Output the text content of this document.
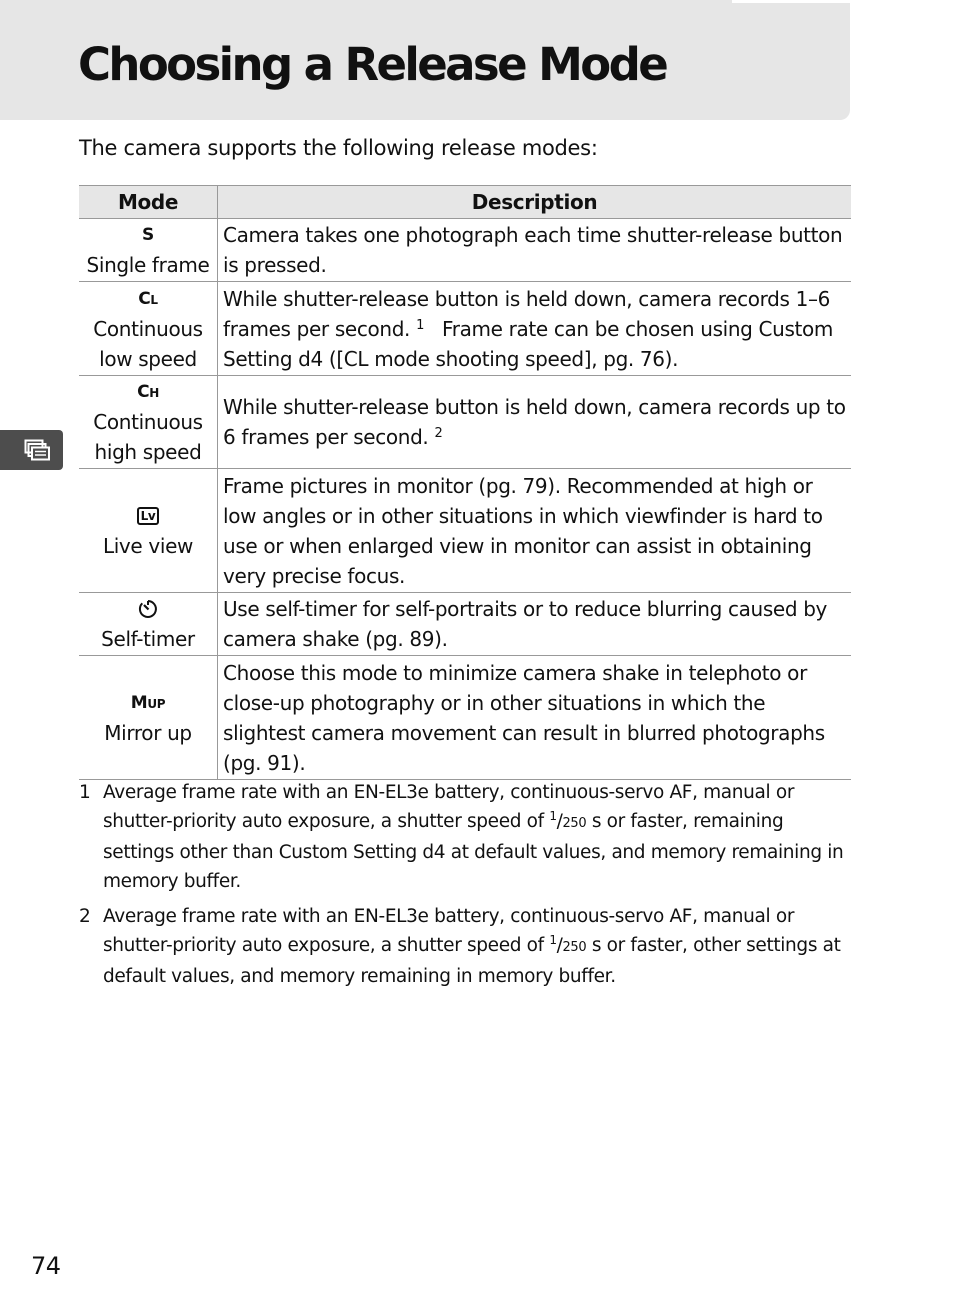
Choosing a Release Mode
The camera supports the following release modes:
Mode	Description

S
Single frame	Camera takes one photograph each time shutter-release button is pressed.

CL
Continuous
low speed	While shutter-release button is held down, camera records 1–6 frames per second. $^1$ Frame rate can be chosen using Custom Setting d4 ([CL mode shooting speed], pg. 76).

CH
Continuous
high speed	While shutter-release button is held down, camera records up to 6 frames per second. $^2$

Lv
Live view	Frame pictures in monitor (pg. 79). Recommended at high or low angles or in other situations in which viewfinder is hard to use or when enlarged view in monitor can assist in obtaining very precise focus.

Self-timer	Use self-timer for self-portraits or to reduce blurring caused by camera shake (pg. 89).

MUP
Mirror up	Choose this mode to minimize camera shake in telephoto or close-up photography or in other situations in which the slightest camera movement can result in blurred photographs (pg. 91).
1 Average frame rate with an EN-EL3e battery, continuous-servo AF, manual or shutter-priority auto exposure, a shutter speed of $^1$/250 s or faster, remaining settings other than Custom Setting d4 at default values, and memory remaining in memory buffer.
2 Average frame rate with an EN-EL3e battery, continuous-servo AF, manual or shutter-priority auto exposure, a shutter speed of $^1$/250 s or faster, other settings at default values, and memory remaining in memory buffer.
74
